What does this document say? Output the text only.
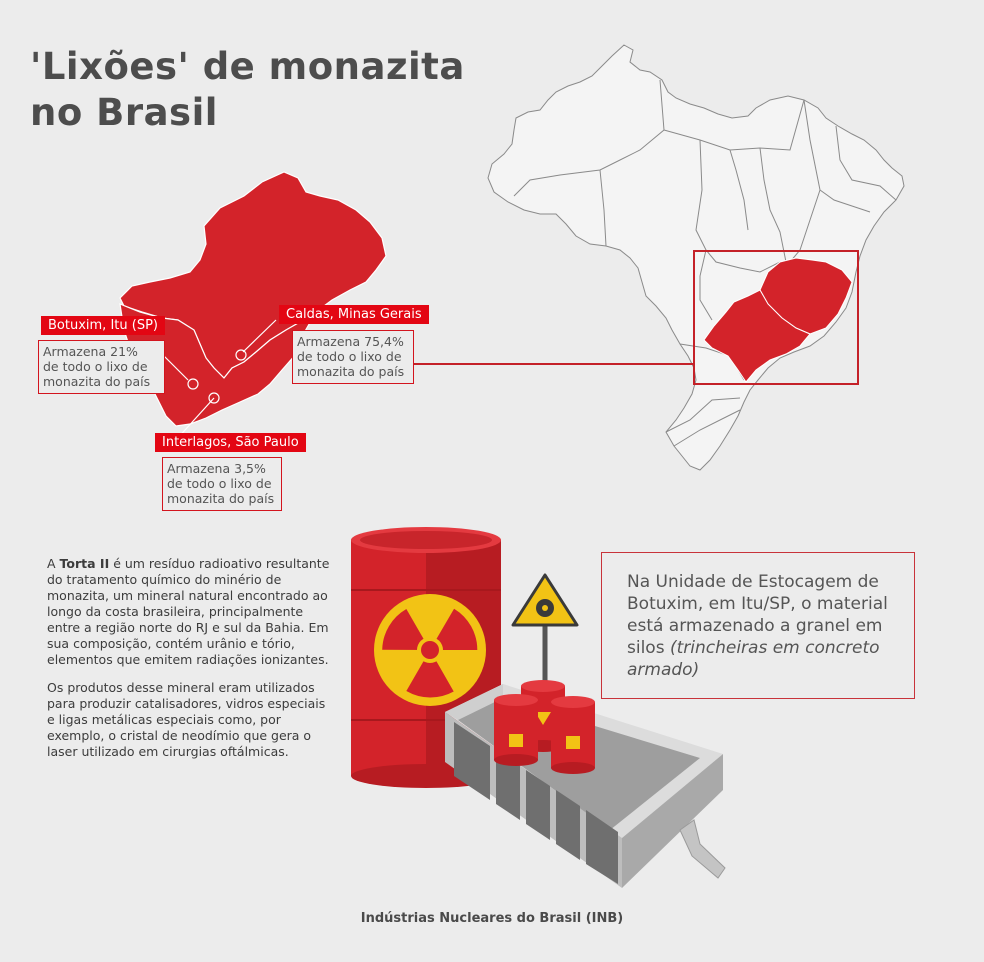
'Lixões' de monazita
no Brasil
Botuxim, Itu (SP)
Armazena 21%
de todo o lixo de
monazita do país
Caldas, Minas Gerais
Armazena 75,4%
de todo o lixo de
monazita do país
Interlagos, São Paulo
Armazena 3,5%
de todo o lixo de
monazita do país

A Torta II é um resíduo radioativo resultante do tratamento químico do minério de monazita, um mineral natural encontrado ao longo da costa brasileira, principalmente entre a região norte do RJ e sul da Bahia. Em sua composição, contém urânio e tório, elementos que emitem radiações ionizantes.

Os produtos desse mineral eram utilizados para produzir catalisadores, vidros especiais e ligas metálicas especiais como, por exemplo, o cristal de neodímio que gera o laser utilizado em cirurgias oftálmicas.

Na Unidade de Estocagem de Botuxim, em Itu/SP, o material está armazenado a granel em silos (trincheiras em concreto armado)
Indústrias Nucleares do Brasil (INB)
